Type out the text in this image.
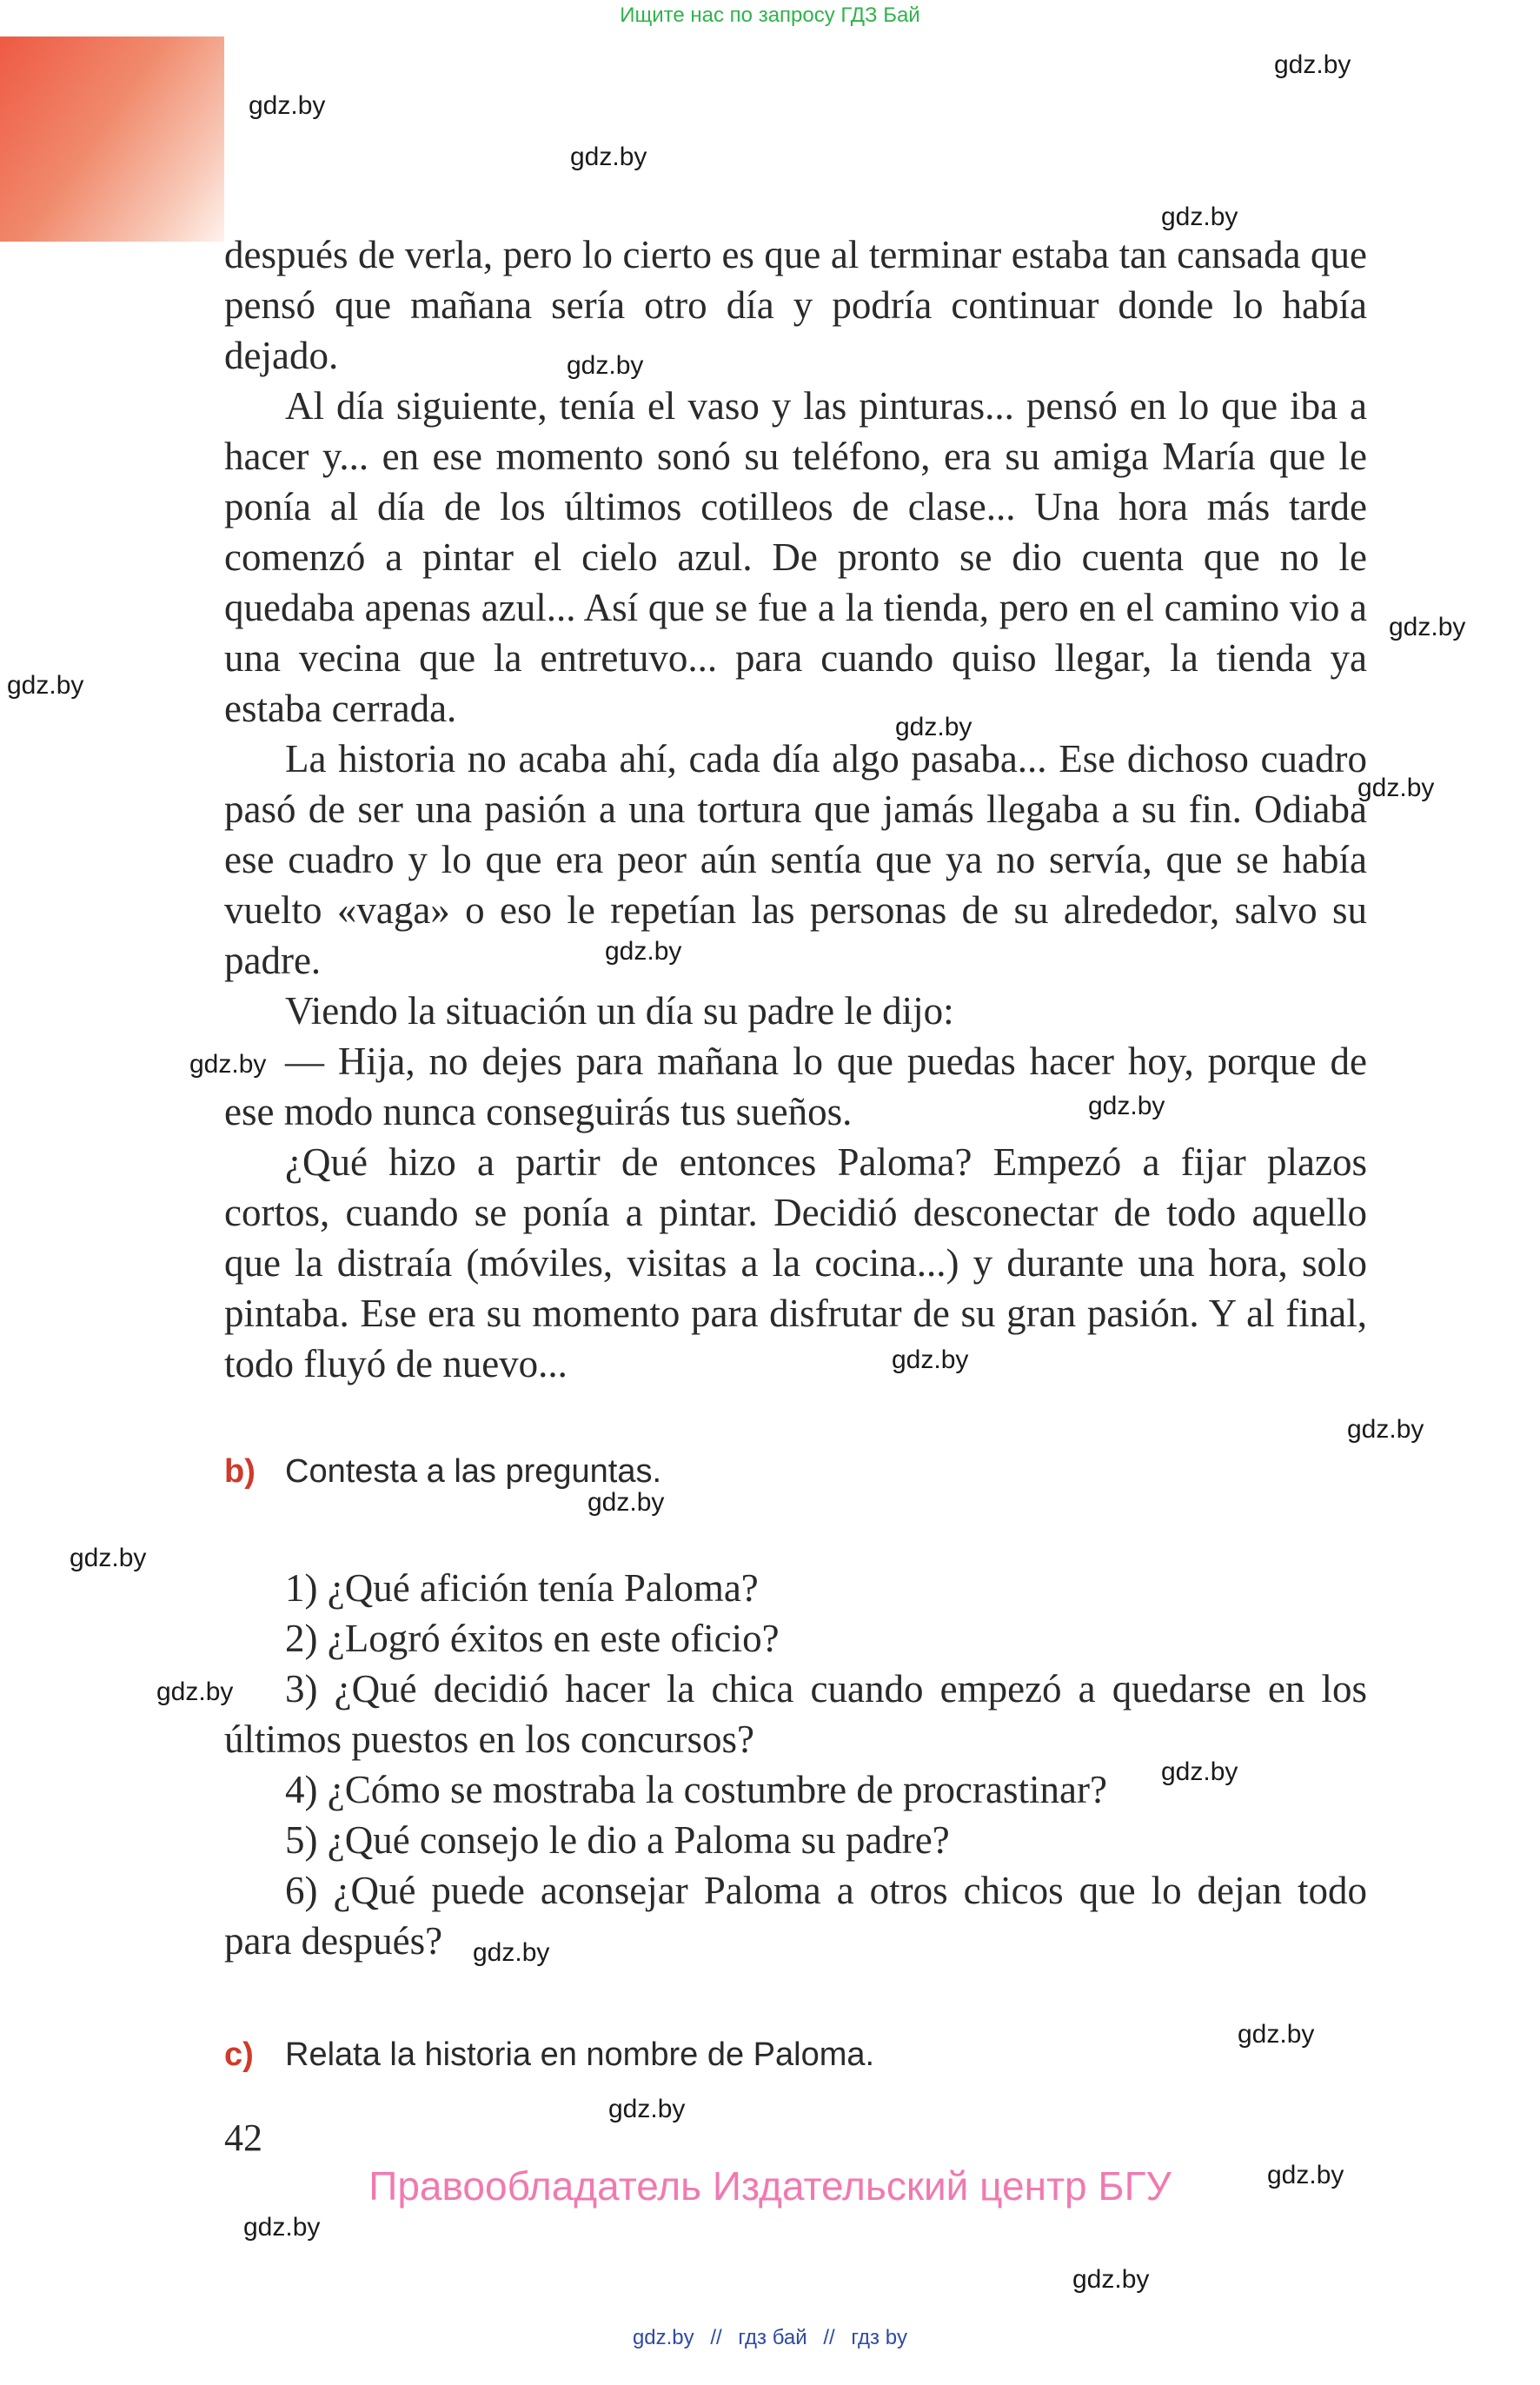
Ищите нас по запросу ГДЗ Бай

después de verla, pero lo cierto es que al terminar estaba tan cansada que pensó que mañana sería otro día y podría continuar donde lo había dejado.

Al día siguiente, tenía el vaso y las pinturas... pensó en lo que iba a hacer y... en ese momento sonó su teléfono, era su amiga María que le ponía al día de los últimos cotilleos de clase... Una hora más tarde comenzó a pintar el cielo azul. De pronto se dio cuenta que no le quedaba apenas azul... Así que se fue a la tienda, pero en el camino vio a una vecina que la entretuvo... para cuando quiso llegar, la tienda ya estaba cerrada.

La historia no acaba ahí, cada día algo pasaba... Ese dichoso cuadro pasó de ser una pasión a una tortura que jamás llegaba a su fin. Odiaba ese cuadro y lo que era peor aún sentía que ya no servía, que se había vuelto «vaga» o eso le repetían las personas de su alrededor, salvo su padre.

Viendo la situación un día su padre le dijo:

— Hija, no dejes para mañana lo que puedas hacer hoy, porque de ese modo nunca conseguirás tus sueños.

¿Qué hizo a partir de entonces Paloma? Empezó a fijar plazos cortos, cuando se ponía a pintar. Decidió desconectar de todo aquello que la distraía (móviles, visitas a la cocina...) y durante una hora, solo pintaba. Ese era su momento para disfrutar de su gran pasión. Y al final, todo fluyó de nuevo...

b) Contesta a las preguntas.

1) ¿Qué afición tenía Paloma?

2) ¿Logró éxitos en este oficio?

3) ¿Qué decidió hacer la chica cuando empezó a quedarse en los últimos puestos en los concursos?

4) ¿Cómo se mostraba la costumbre de procrastinar?

5) ¿Qué consejo le dio a Paloma su padre?

6) ¿Qué puede aconsejar Paloma a otros chicos que lo dejan todo para después?

c) Relata la historia en nombre de Paloma.
42
Правообладатель Издательский центр БГУ
gdz.by
gdz.by
gdz.by
gdz.by
gdz.by
gdz.by
gdz.by
gdz.by
gdz.by
gdz.by
gdz.by
gdz.by
gdz.by
gdz.by
gdz.by
gdz.by
gdz.by
gdz.by
gdz.by
gdz.by
gdz.by
gdz.by
gdz.by
gdz.by
gdz.by // гдз бай // гдз by
